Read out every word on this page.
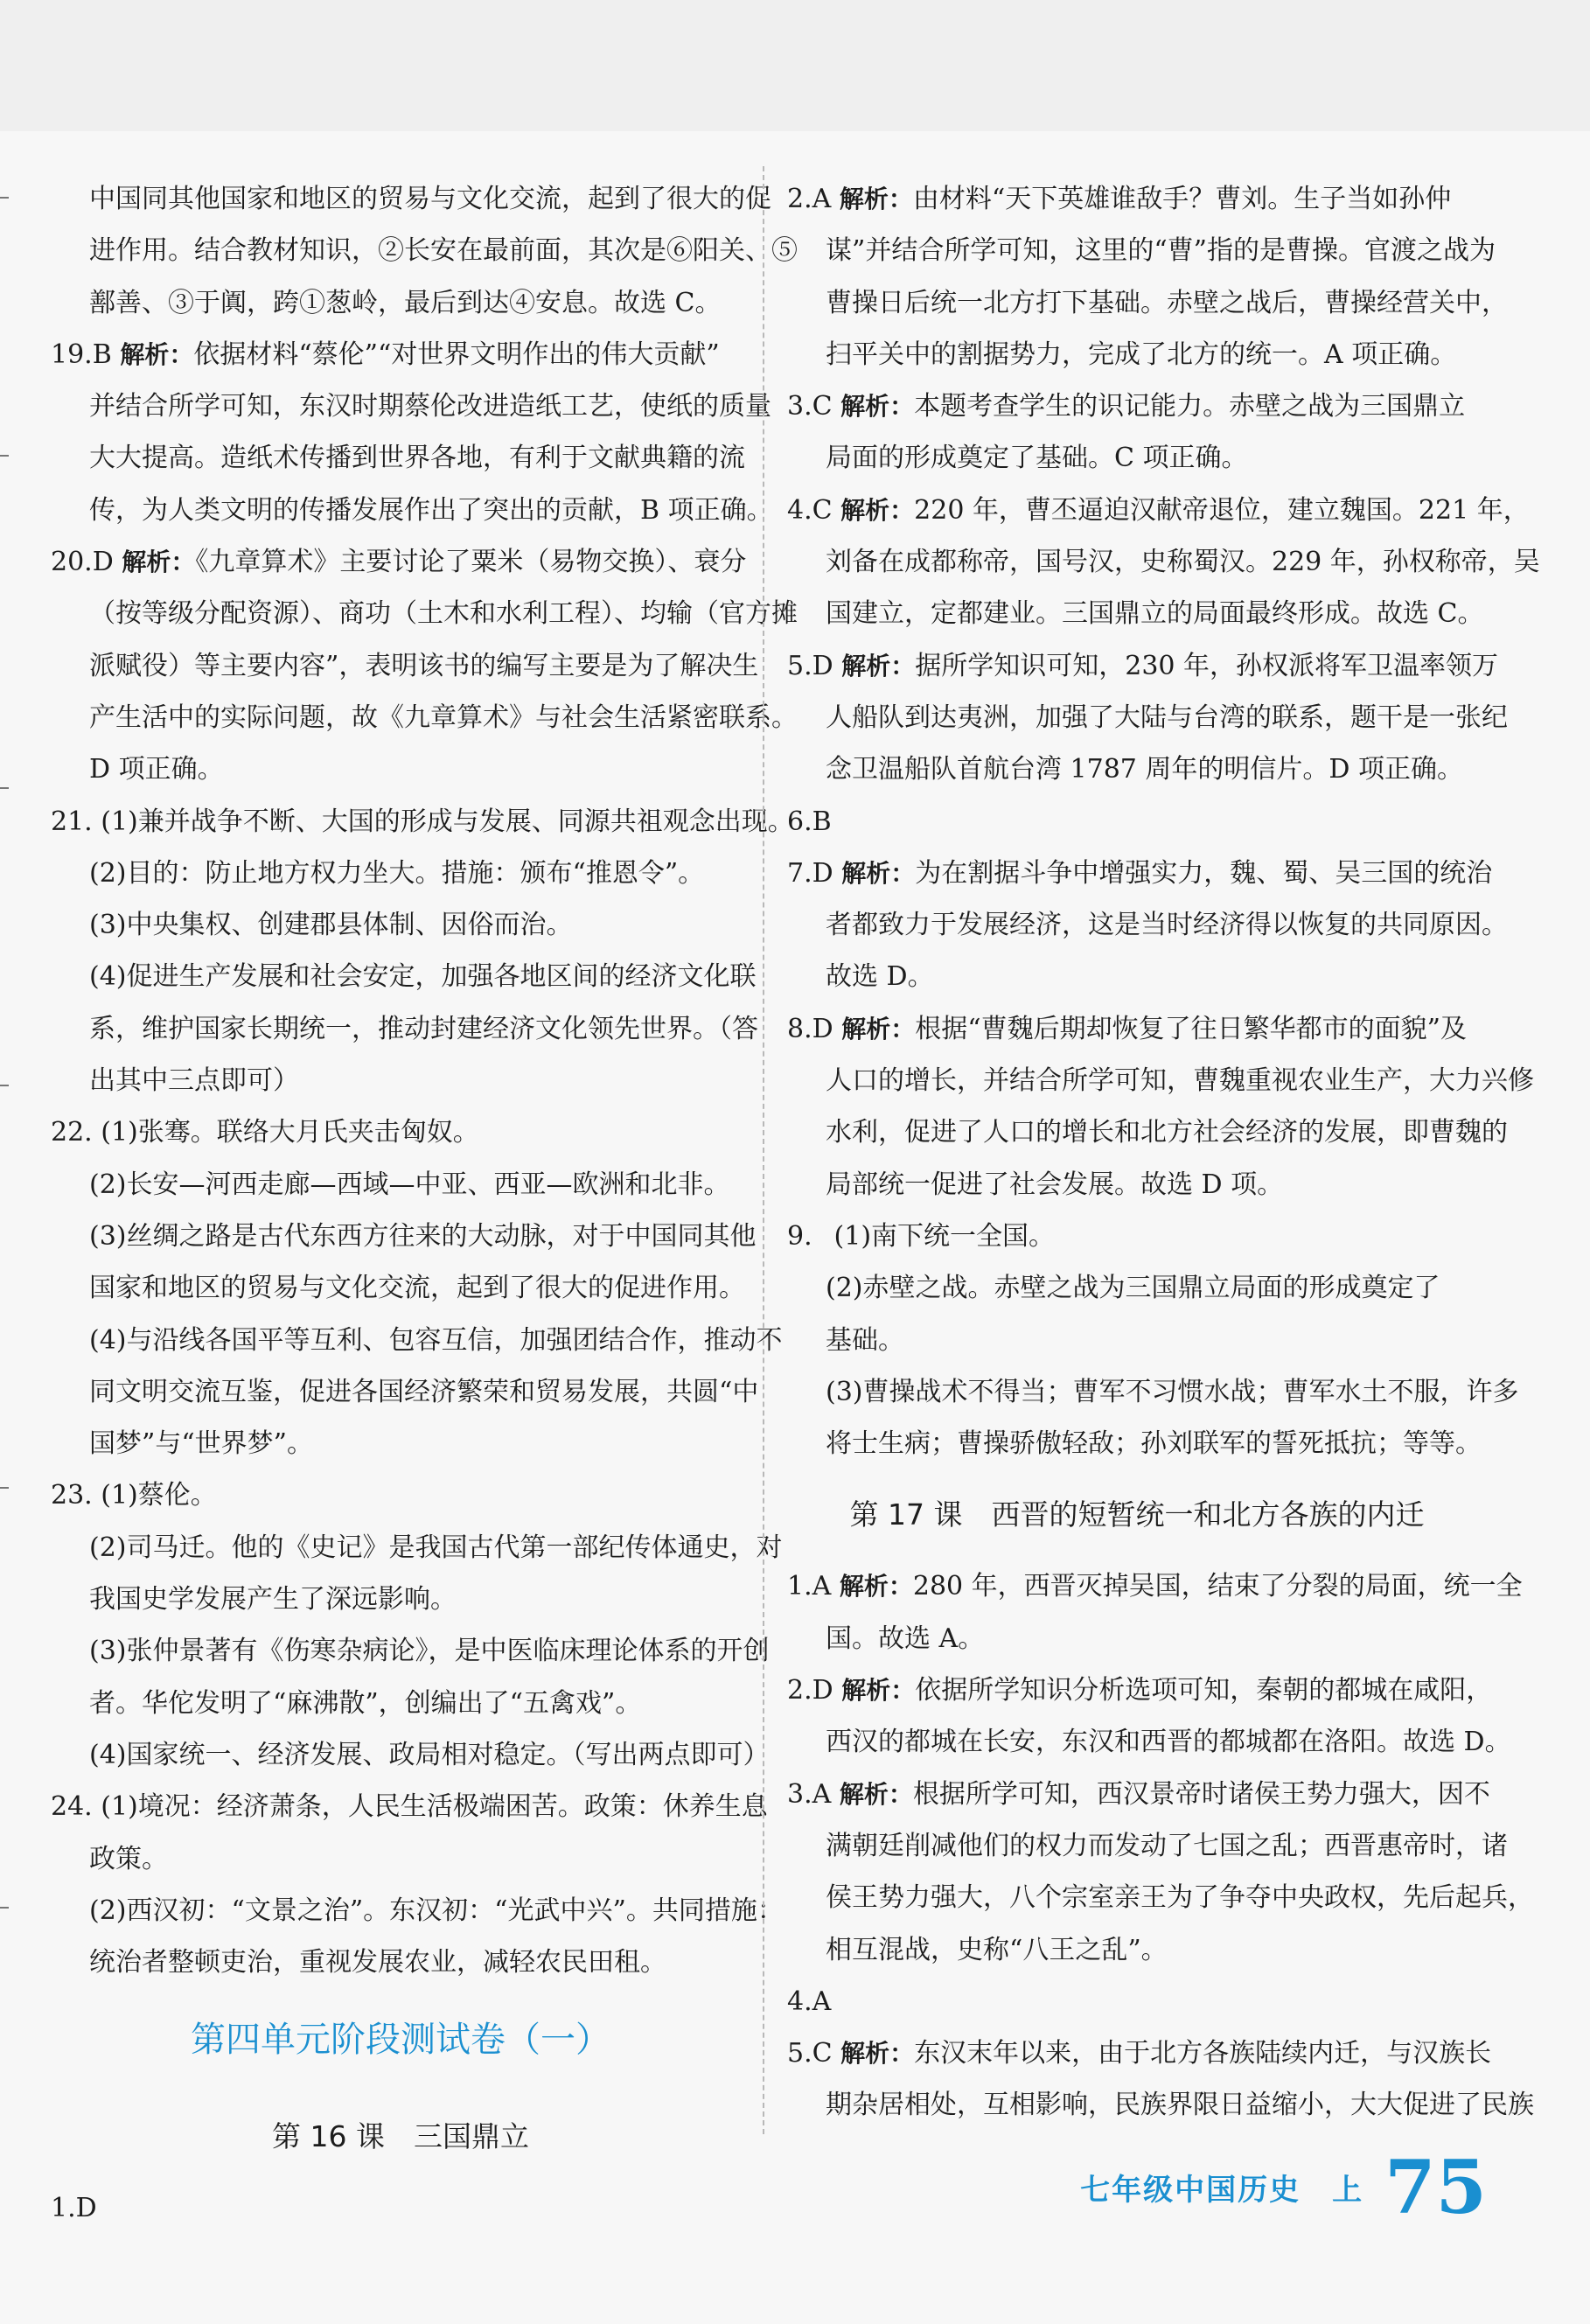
中国同其他国家和地区的贸易与文化交流，起到了很大的促
进作用。结合教材知识，②长安在最前面，其次是⑥阳关、⑤
鄯善、③于阗，跨①葱岭，最后到达④安息。故选 C。
19.B 解析：依据材料“蔡伦”“对世界文明作出的伟大贡献”
并结合所学可知，东汉时期蔡伦改进造纸工艺，使纸的质量
大大提高。造纸术传播到世界各地，有利于文献典籍的流
传，为人类文明的传播发展作出了突出的贡献，B 项正确。
20.D 解析：《九章算术》主要讨论了粟米（易物交换）、衰分
（按等级分配资源）、商功（土木和水利工程）、均输（官方摊
派赋役）等主要内容”，表明该书的编写主要是为了解决生
产生活中的实际问题，故《九章算术》与社会生活紧密联系。
D 项正确。
21. (1)兼并战争不断、大国的形成与发展、同源共祖观念出现。
(2)目的：防止地方权力坐大。措施：颁布“推恩令”。
(3)中央集权、创建郡县体制、因俗而治。
(4)促进生产发展和社会安定，加强各地区间的经济文化联
系，维护国家长期统一，推动封建经济文化领先世界。（答
出其中三点即可）
22. (1)张骞。联络大月氏夹击匈奴。
(2)长安—河西走廊—西域—中亚、西亚—欧洲和北非。
(3)丝绸之路是古代东西方往来的大动脉，对于中国同其他
国家和地区的贸易与文化交流，起到了很大的促进作用。
(4)与沿线各国平等互利、包容互信，加强团结合作，推动不
同文明交流互鉴，促进各国经济繁荣和贸易发展，共圆“中
国梦”与“世界梦”。
23. (1)蔡伦。
(2)司马迁。他的《史记》是我国古代第一部纪传体通史，对
我国史学发展产生了深远影响。
(3)张仲景著有《伤寒杂病论》，是中医临床理论体系的开创
者。华佗发明了“麻沸散”，创编出了“五禽戏”。
(4)国家统一、经济发展、政局相对稳定。（写出两点即可）
24. (1)境况：经济萧条，人民生活极端困苦。政策：休养生息
政策。
(2)西汉初：“文景之治”。东汉初：“光武中兴”。共同措施：
统治者整顿吏治，重视发展农业，减轻农民田租。
第四单元阶段测试卷（一）
第 16 课　三国鼎立
1.D
2.A 解析：由材料“天下英雄谁敌手？曹刘。生子当如孙仲
谋”并结合所学可知，这里的“曹”指的是曹操。官渡之战为
曹操日后统一北方打下基础。赤壁之战后，曹操经营关中，
扫平关中的割据势力，完成了北方的统一。A 项正确。
3.C 解析：本题考查学生的识记能力。赤壁之战为三国鼎立
局面的形成奠定了基础。C 项正确。
4.C 解析：220 年，曹丕逼迫汉献帝退位，建立魏国。221 年，
刘备在成都称帝，国号汉，史称蜀汉。229 年，孙权称帝，吴
国建立，定都建业。三国鼎立的局面最终形成。故选 C。
5.D 解析：据所学知识可知，230 年，孙权派将军卫温率领万
人船队到达夷洲，加强了大陆与台湾的联系，题干是一张纪
念卫温船队首航台湾 1787 周年的明信片。D 项正确。
6.B
7.D 解析：为在割据斗争中增强实力，魏、蜀、吴三国的统治
者都致力于发展经济，这是当时经济得以恢复的共同原因。
故选 D。
8.D 解析：根据“曹魏后期却恢复了往日繁华都市的面貌”及
人口的增长，并结合所学可知，曹魏重视农业生产，大力兴修
水利，促进了人口的增长和北方社会经济的发展，即曹魏的
局部统一促进了社会发展。故选 D 项。
9. (1)南下统一全国。
(2)赤壁之战。赤壁之战为三国鼎立局面的形成奠定了
基础。
(3)曹操战术不得当；曹军不习惯水战；曹军水土不服，许多
将士生病；曹操骄傲轻敌；孙刘联军的誓死抵抗；等等。
第 17 课　西晋的短暂统一和北方各族的内迁
1.A 解析：280 年，西晋灭掉吴国，结束了分裂的局面，统一全
国。故选 A。
2.D 解析：依据所学知识分析选项可知，秦朝的都城在咸阳，
西汉的都城在长安，东汉和西晋的都城都在洛阳。故选 D。
3.A 解析：根据所学可知，西汉景帝时诸侯王势力强大，因不
满朝廷削减他们的权力而发动了七国之乱；西晋惠帝时，诸
侯王势力强大，八个宗室亲王为了争夺中央政权，先后起兵，
相互混战，史称“八王之乱”。
4.A
5.C 解析：东汉末年以来，由于北方各族陆续内迁，与汉族长
期杂居相处，互相影响，民族界限日益缩小，大大促进了民族
七年级中国历史　上 75
